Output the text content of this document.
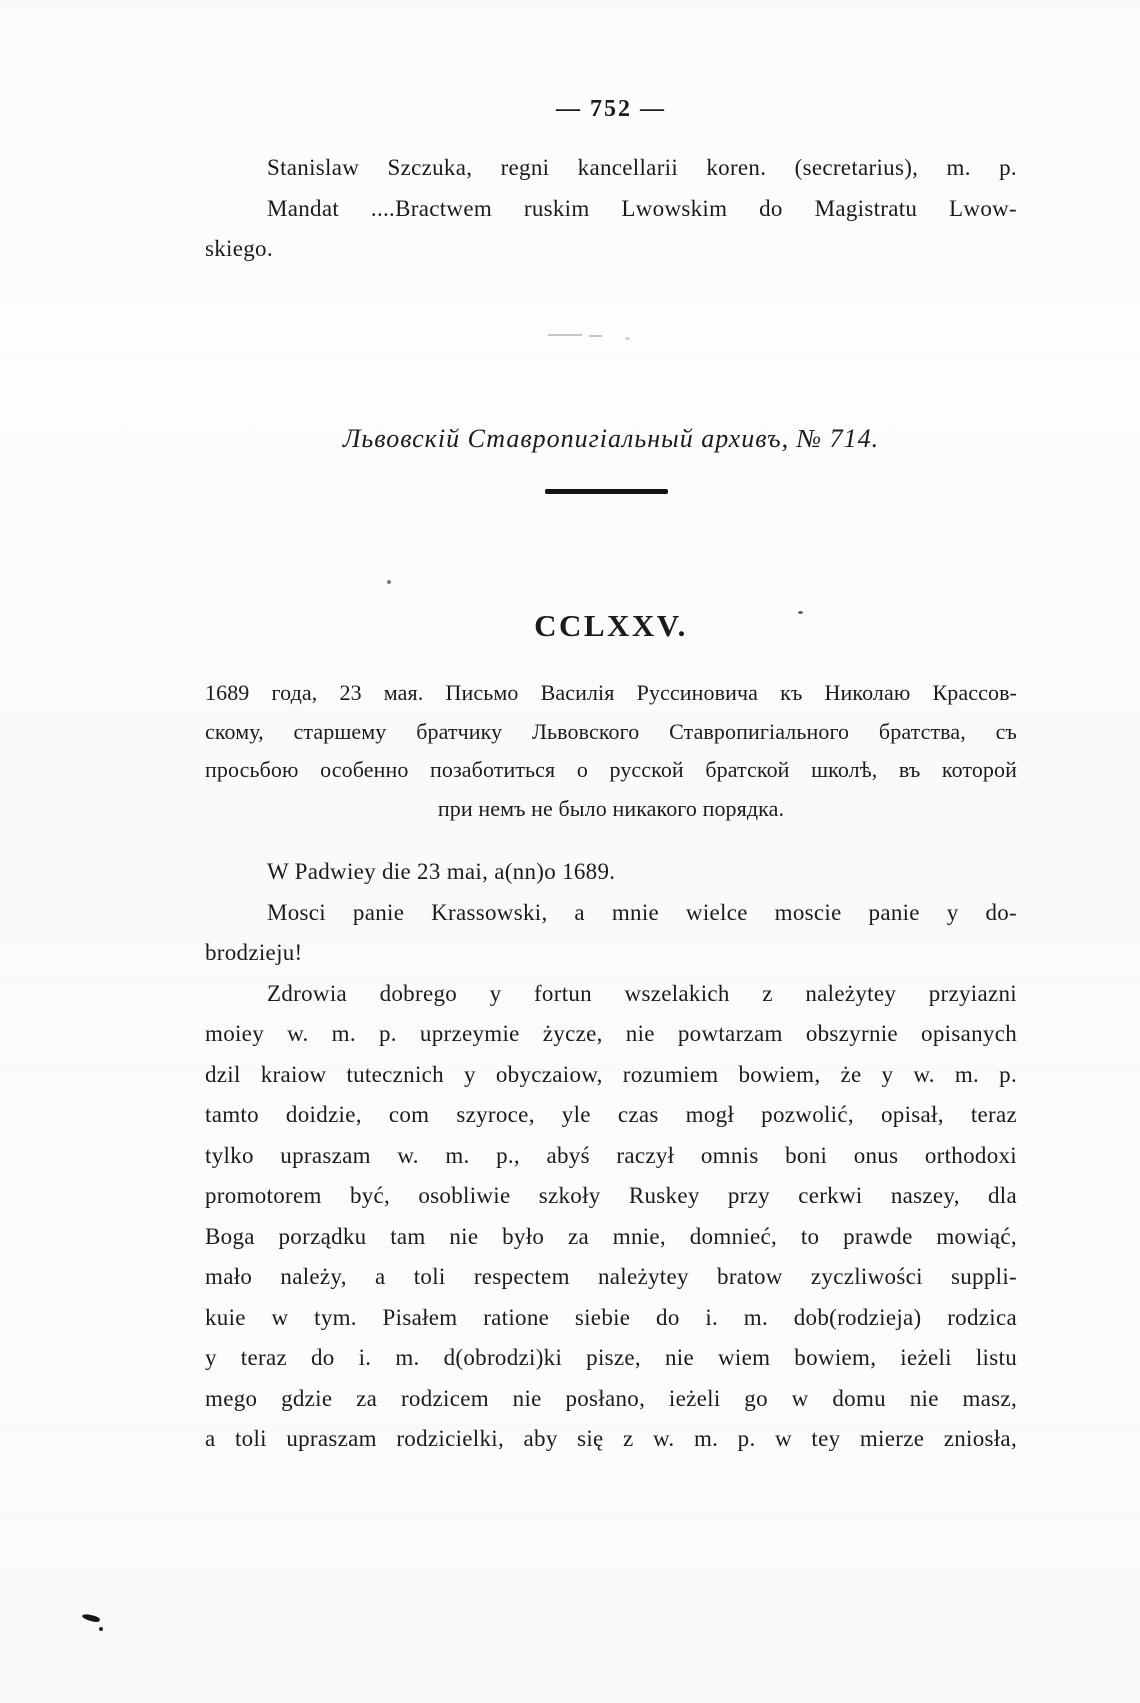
— 752 —
Stanislaw Szczuka, regni kancellarii koren. (secretarius), m. p.
Mandat ....Bractwem ruskim Lwowskim do Magistratu Lwow-
skiego.
Львовскій Ставропигіальный архивъ, № 714.
CCLXXV.
1689 года, 23 мая. Письмо Василія Руссиновича къ Николаю Крассов-
скому, старшему братчику Львовского Ставропигіального братства, съ
просьбою особенно позаботиться о русской братской школѣ, въ которой
при немъ не было никакого порядка.
W Padwiey die 23 mai, a(nn)o 1689.
Mosci panie Krassowski, a mnie wielce moscie panie y do-
brodzieju!
Zdrowia dobrego y fortun wszelakich z należytey przyiazni
moiey w. m. p. uprzeymie życze, nie powtarzam obszyrnie opisanych
dzil kraiow tutecznich y obyczaiow, rozumiem bowiem, że y w. m. p.
tamto doidzie, com szyroce, yle czas mogł pozwolić, opisał, teraz
tylko upraszam w. m. p., abyś raczył omnis boni onus orthodoxi
promotorem być, osobliwie szkoły Ruskey przy cerkwi naszey, dla
Boga porządku tam nie było za mnie, domnieć, to prawde mowiąć,
mało należy, a toli respectem należytey bratow zyczliwości suppli-
kuie w tym. Pisałem ratione siebie do i. m. dob(rodzieja) rodzica
y teraz do i. m. d(obrodzi)ki pisze, nie wiem bowiem, ieżeli listu
mego gdzie za rodzicem nie posłano, ieżeli go w domu nie masz,
a toli upraszam rodzicielki, aby się z w. m. p. w tey mierze zniosła,
